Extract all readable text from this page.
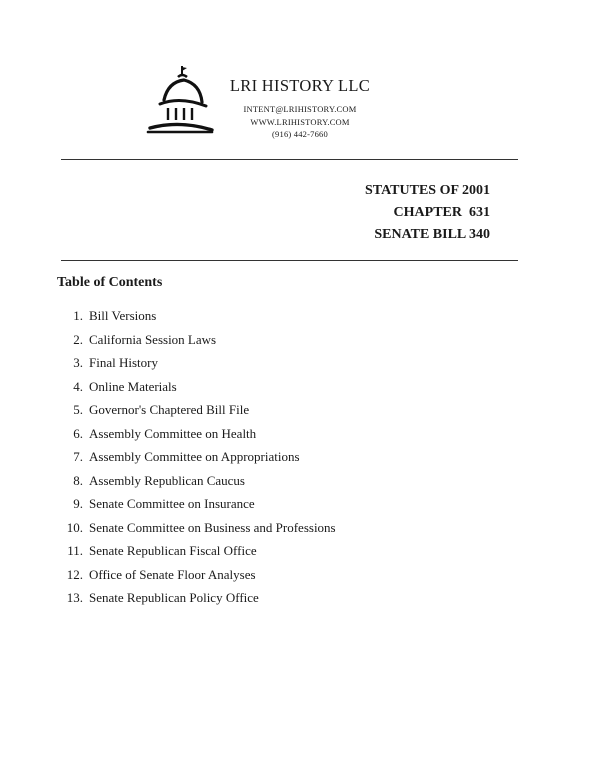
LRI HISTORY LLC
INTENT@LRIHISTORY.COM
WWW.LRIHISTORY.COM
(916) 442-7660
STATUTES OF 2001
CHAPTER  631
SENATE BILL 340
Table of Contents
1. Bill Versions
2. California Session Laws
3. Final History
4. Online Materials
5. Governor's Chaptered Bill File
6. Assembly Committee on Health
7. Assembly Committee on Appropriations
8. Assembly Republican Caucus
9. Senate Committee on Insurance
10. Senate Committee on Business and Professions
11. Senate Republican Fiscal Office
12. Office of Senate Floor Analyses
13. Senate Republican Policy Office
